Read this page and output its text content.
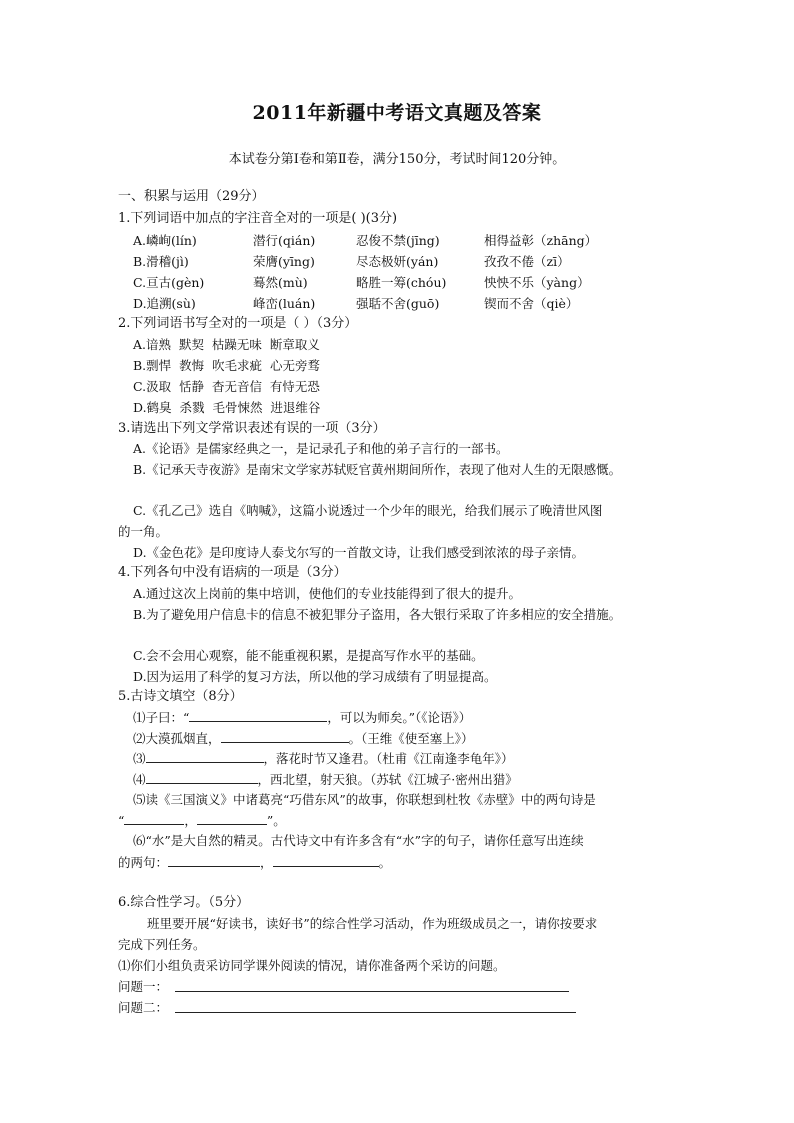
2011年新疆中考语文真题及答案
本试卷分第Ⅰ卷和第Ⅱ卷，满分150分，考试时间120分钟。
一、积累与运用（29分）
1.下列词语中加点的字注音全对的一项是( )(3分)
A.嶙峋(lín)	潜行(qián)	忍俊不禁(jīng)	相得益彰（zhāng）
B.滑稽(jì)	荣膺(yīng)	尽态极妍(yán)	孜孜不倦（zī）
C.亘古(gèn)	蓦然(mù)	略胜一筹(chóu)	怏怏不乐（yàng）
D.追溯(sù)	峰峦(luán)	强聒不舍(guō)	锲而不舍（qiè）
2.下列词语书写全对的一项是（ ）（3分）
A.谙熟  默契  枯躁无味  断章取义
B.剽悍  教悔  吹毛求疵  心无旁骛
C.汲取  恬静  杳无音信  有恃无恐
D.鹤臭  杀戮  毛骨悚然  进退维谷
3.请选出下列文学常识表述有误的一项（3分）
A.《论语》是儒家经典之一，是记录孔子和他的弟子言行的一部书。
B.《记承天寺夜游》是南宋文学家苏轼贬官黄州期间所作，表现了他对人生的无限感慨。
C.《孔乙己》选自《呐喊》，这篇小说透过一个少年的眼光，给我们展示了晚清世风图
的一角。
D.《金色花》是印度诗人泰戈尔写的一首散文诗，让我们感受到浓浓的母子亲情。
4.下列各句中没有语病的一项是（3分）
A.通过这次上岗前的集中培训，使他们的专业技能得到了很大的提升。
B.为了避免用户信息卡的信息不被犯罪分子盗用，各大银行采取了许多相应的安全措施。
C.会不会用心观察，能不能重视积累，是提高写作水平的基础。
D.因为运用了科学的复习方法，所以他的学习成绩有了明显提高。
5.古诗文填空（8分）
⑴子曰：“	，可以为师矣。”（《论语》）
⑵大漠孤烟直，	。（王维《使至塞上》）
⑶	，落花时节又逢君。（杜甫《江南逢李龟年》）
⑷	，西北望，射天狼。（苏轼《江城子·密州出猎》
⑸读《三国演义》中诸葛亮“巧借东风”的故事，你联想到杜牧《赤壁》中的两句诗是
“	，	”。
⑹“水”是大自然的精灵。古代诗文中有许多含有“水”字的句子，请你任意写出连续
的两句：	，	。
6.综合性学习。（5分）
班里要开展“好读书，读好书”的综合性学习活动，作为班级成员之一，请你按要求
完成下列任务。
⑴你们小组负责采访同学课外阅读的情况，请你准备两个采访的问题。
问题一：
问题二：
